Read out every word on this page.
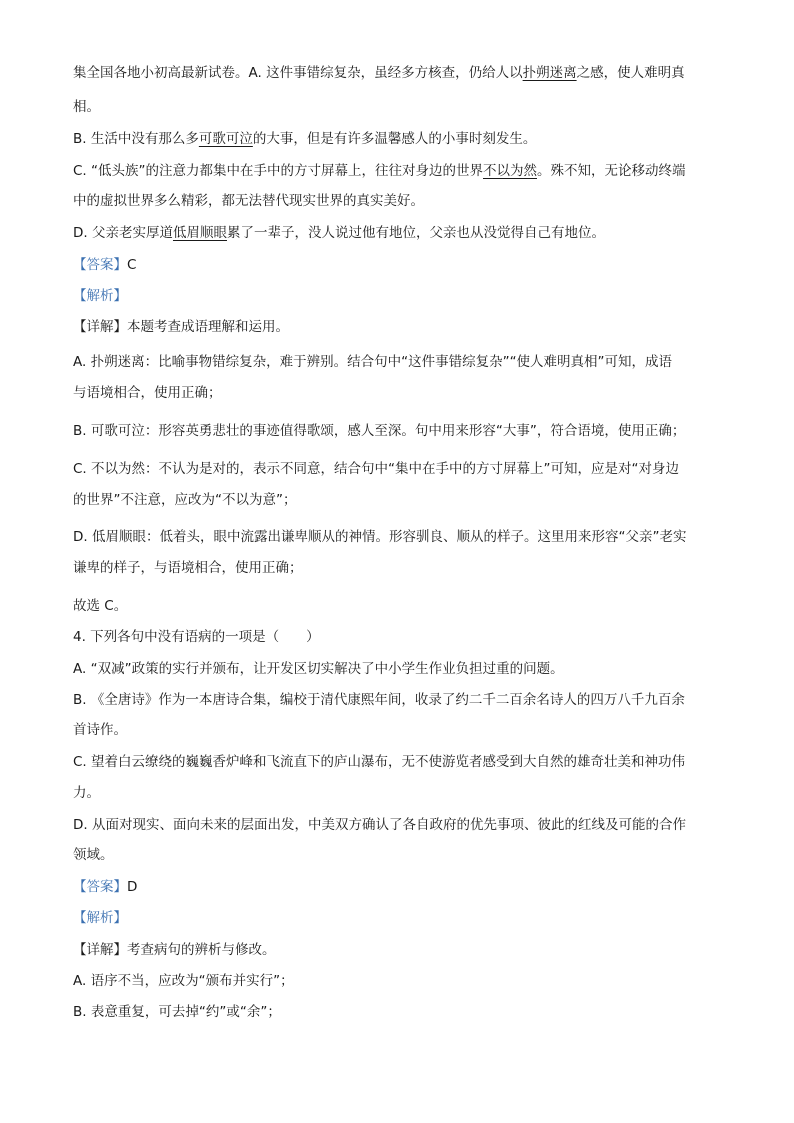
集全国各地小初高最新试卷。A. 这件事错综复杂，虽经多方核查，仍给人以扑朔迷离之感，使人难明真
相。
B. 生活中没有那么多可歌可泣的大事，但是有许多温馨感人的小事时刻发生。
C. “低头族”的注意力都集中在手中的方寸屏幕上，往往对身边的世界不以为然。殊不知，无论移动终端
中的虚拟世界多么精彩，都无法替代现实世界的真实美好。
D. 父亲老实厚道低眉顺眼累了一辈子，没人说过他有地位，父亲也从没觉得自己有地位。
【答案】C
【解析】
【详解】本题考查成语理解和运用。
A. 扑朔迷离：比喻事物错综复杂，难于辨别。结合句中“这件事错综复杂”“使人难明真相”可知，成语
与语境相合，使用正确；
B. 可歌可泣：形容英勇悲壮的事迹值得歌颂，感人至深。句中用来形容“大事”，符合语境，使用正确；
C. 不以为然：不认为是对的，表示不同意，结合句中“集中在手中的方寸屏幕上”可知，应是对“对身边
的世界”不注意，应改为“不以为意”；
D. 低眉顺眼：低着头，眼中流露出谦卑顺从的神情。形容驯良、顺从的样子。这里用来形容“父亲”老实
谦卑的样子，与语境相合，使用正确；
故选 C。
4. 下列各句中没有语病的一项是（　　）
A. “双减”政策的实行并颁布，让开发区切实解决了中小学生作业负担过重的问题。
B. 《全唐诗》作为一本唐诗合集，编校于清代康熙年间，收录了约二千二百余名诗人的四万八千九百余
首诗作。
C. 望着白云缭绕的巍巍香炉峰和飞流直下的庐山瀑布，无不使游览者感受到大自然的雄奇壮美和神功伟
力。
D. 从面对现实、面向未来的层面出发，中美双方确认了各自政府的优先事项、彼此的红线及可能的合作
领域。
【答案】D
【解析】
【详解】考查病句的辨析与修改。
A. 语序不当，应改为“颁布并实行”；
B. 表意重复，可去掉“约”或“余”；
